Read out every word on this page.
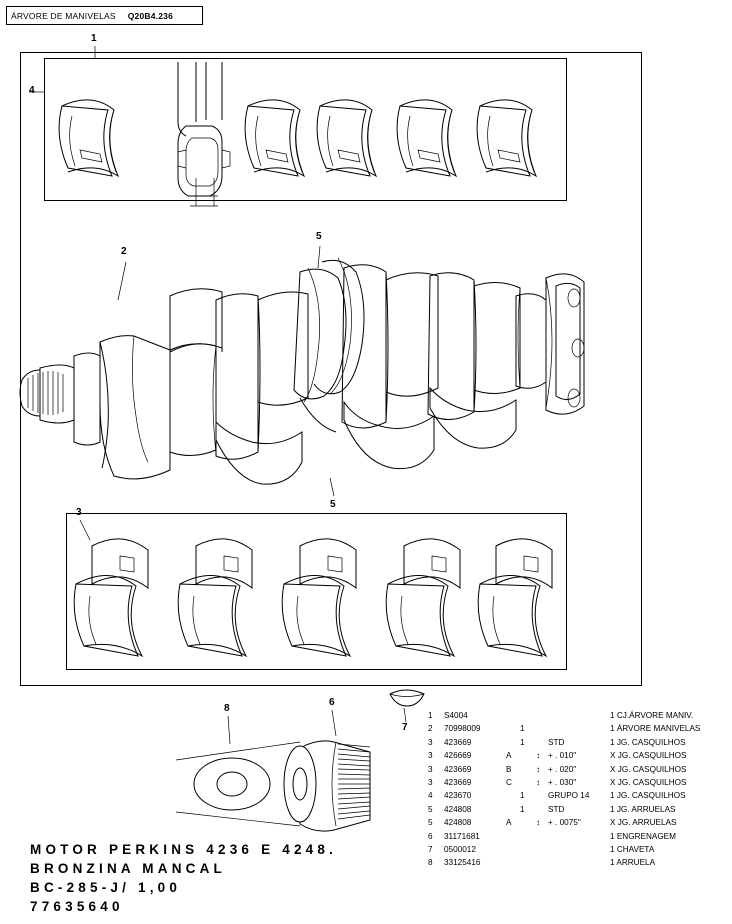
ÁRVORE DE MANIVELAS	Q20B4.236
1
2
3
4
5
5
6
7
8
1	S4004					1 CJ.ÁRVORE MANIV.
2	70998009		1			1 ÁRVORE MANIVELAS
3	423669		1		STD	1 JG. CASQUILHOS
3	426669	A		↕	+ . 010"	X JG. CASQUILHOS
3	423669	B		↕	+ . 020"	X JG. CASQUILHOS
3	423669	C		↕	+ . 030"	X JG. CASQUILHOS
4	423670		1		GRUPO 14	1 JG. CASQUILHOS
5	424808		1		STD	1 JG. ARRUELAS
5	424808	A		↕	+ . 0075"	X JG. ARRUELAS
6	31171681					1 ENGRENAGEM
7	0500012					1 CHAVETA
8	33125416					1 ARRUELA
MOTOR PERKINS 4236 E 4248.
BRONZINA MANCAL
BC-285-J/ 1,00
77635640
